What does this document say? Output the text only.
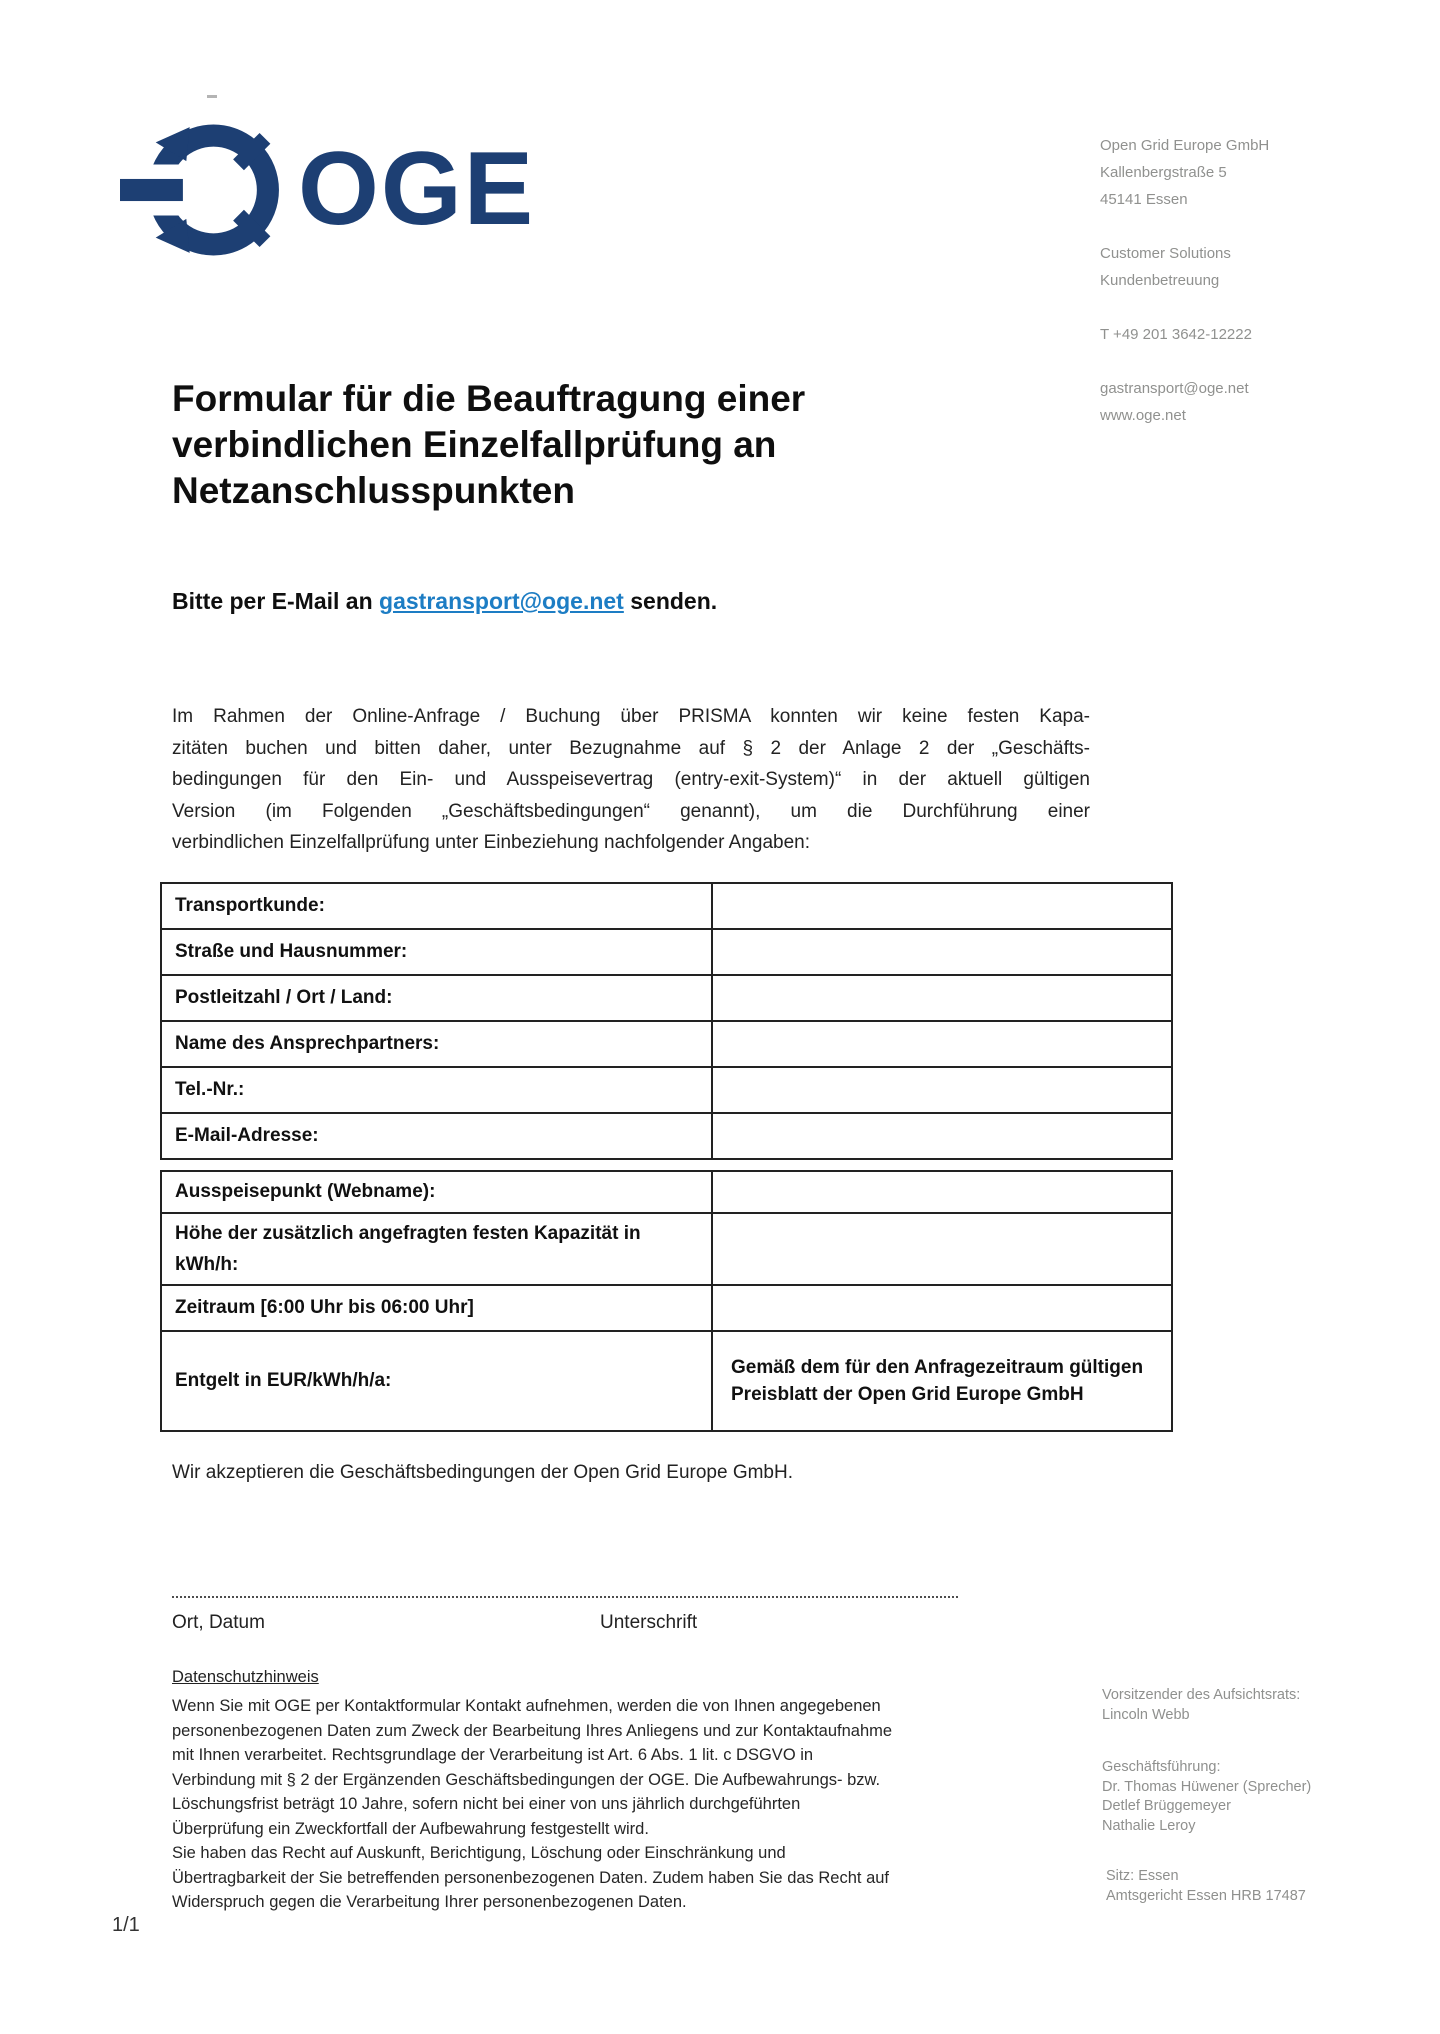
OGE	Open Grid Europe GmbH
Kallenbergstraße 5
45141 Essen
Customer Solutions
Kundenbetreuung
T +49 201 3642-12222
gastransport@oge.net
www.oge.net
Formular für die Beauftragung einer verbindlichen Einzelfallprüfung an Netzanschlusspunkten
Bitte per E-Mail an gastransport@oge.net senden.
Im Rahmen der Online-Anfrage / Buchung über PRISMA konnten wir keine festen Kapa-
zitäten buchen und bitten daher, unter Bezugnahme auf § 2 der Anlage 2 der „Geschäfts-
bedingungen für den Ein- und Ausspeisevertrag (entry-exit-System)“ in der aktuell gültigen
Version (im Folgenden „Geschäftsbedingungen“ genannt), um die Durchführung einer
verbindlichen Einzelfallprüfung unter Einbeziehung nachfolgender Angaben:
Transportkunde:	
Straße und Hausnummer:	
Postleitzahl / Ort / Land:	
Name des Ansprechpartners:	
Tel.-Nr.:	
E-Mail-Adresse:	
Ausspeisepunkt (Webname):	
Höhe der zusätzlich angefragten festen Kapazität in kWh/h:	
Zeitraum [6:00 Uhr bis 06:00 Uhr]	
Entgelt in EUR/kWh/h/a:	Gemäß dem für den Anfragezeitraum gültigen Preisblatt der Open Grid Europe GmbH
Wir akzeptieren die Geschäftsbedingungen der Open Grid Europe GmbH.
Ort, Datum	Unterschrift
Datenschutzhinweis
Wenn Sie mit OGE per Kontaktformular Kontakt aufnehmen, werden die von Ihnen angegebenen
personenbezogenen Daten zum Zweck der Bearbeitung Ihres Anliegens und zur Kontaktaufnahme
mit Ihnen verarbeitet. Rechtsgrundlage der Verarbeitung ist Art. 6 Abs. 1 lit. c DSGVO in
Verbindung mit § 2 der Ergänzenden Geschäftsbedingungen der OGE. Die Aufbewahrungs- bzw.
Löschungsfrist beträgt 10 Jahre, sofern nicht bei einer von uns jährlich durchgeführten
Überprüfung ein Zweckfortfall der Aufbewahrung festgestellt wird.
Sie haben das Recht auf Auskunft, Berichtigung, Löschung oder Einschränkung und
Übertragbarkeit der Sie betreffenden personenbezogenen Daten. Zudem haben Sie das Recht auf
Widerspruch gegen die Verarbeitung Ihrer personenbezogenen Daten.
Vorsitzender des Aufsichtsrats:
Lincoln Webb
Geschäftsführung:
Dr. Thomas Hüwener (Sprecher)
Detlef Brüggemeyer
Nathalie Leroy
Sitz: Essen
Amtsgericht Essen HRB 17487
1/1
